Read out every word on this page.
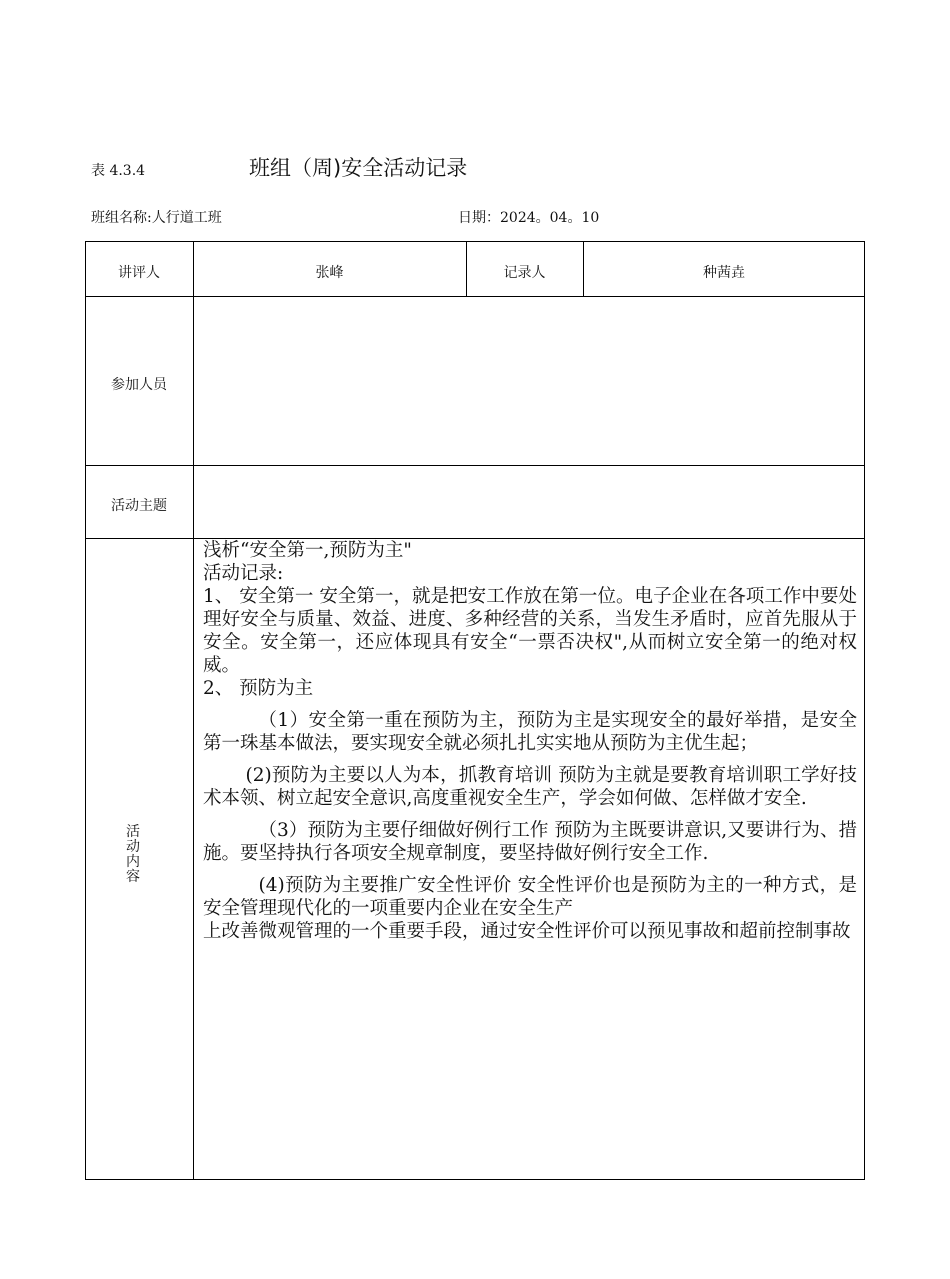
表 4.3.4	班组（周)安全活动记录
班组名称:人行道工班	日期：2024。04。10
讲评人	张峰	记录人	种茜垚
参加人员
活动主题
活动内容

浅析“安全第一,预防为主"

活动记录:

1、 安全第一 安全第一，就是把安工作放在第一位。电子企业在各项工作中要处理好安全与质量、效益、进度、多种经营的关系，当发生矛盾时，应首先服从于安全。安全第一，还应体现具有安全“一票否决权",从而树立安全第一的绝对权威。

2、 预防为主

（1）安全第一重在预防为主，预防为主是实现安全的最好举措，是安全第一珠基本做法，要实现安全就必须扎扎实实地从预防为主优生起；

(2)预防为主要以人为本，抓教育培训 预防为主就是要教育培训职工学好技术本领、树立起安全意识,高度重视安全生产，学会如何做、怎样做才安全.

（3）预防为主要仔细做好例行工作 预防为主既要讲意识,又要讲行为、措施。要坚持执行各项安全规章制度，要坚持做好例行安全工作.

(4)预防为主要推广安全性评价 安全性评价也是预防为主的一种方式，是安全管理现代化的一项重要内企业在安全生产

上改善微观管理的一个重要手段，通过安全性评价可以预见事故和超前控制事故
